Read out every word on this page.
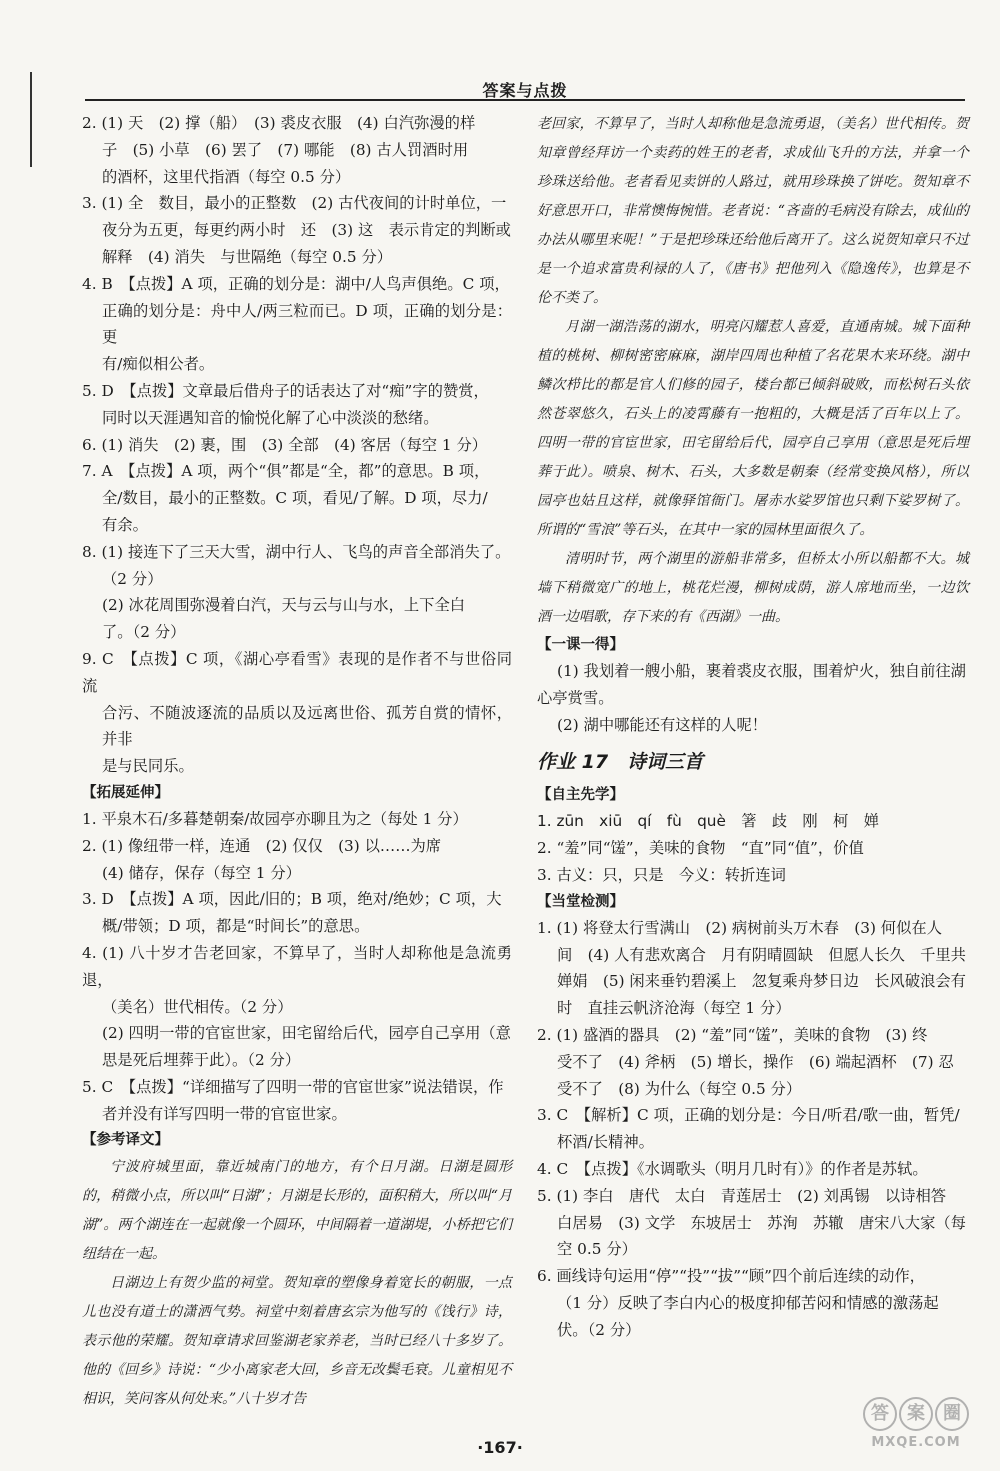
答案与点拨

2. (1) 天　(2) 撑（船）　(3) 裘皮衣服　(4) 白汽弥漫的样

子　(5) 小草　(6) 罢了　(7) 哪能　(8) 古人罚酒时用

的酒杯，这里代指酒（每空 0.5 分）

3. (1) 全　数目，最小的正整数　(2) 古代夜间的计时单位，一

夜分为五更，每更约两小时　还　(3) 这　表示肯定的判断或

解释　(4) 消失　与世隔绝（每空 0.5 分）

4. B　【点拨】A 项，正确的划分是：湖中/人鸟声俱绝。C 项，

正确的划分是：舟中人/两三粒而已。D 项，正确的划分是：更

有/痴似相公者。

5. D　【点拨】文章最后借舟子的话表达了对“痴”字的赞赏，

同时以天涯遇知音的愉悦化解了心中淡淡的愁绪。

6. (1) 消失　(2) 裹，围　(3) 全部　(4) 客居（每空 1 分）

7. A　【点拨】A 项，两个“俱”都是“全，都”的意思。B 项，

全/数目，最小的正整数。C 项，看见/了解。D 项，尽力/

有余。

8. (1) 接连下了三天大雪，湖中行人、飞鸟的声音全部消失了。

（2 分）

(2) 冰花周围弥漫着白汽，天与云与山与水，上下全白

了。（2 分）

9. C　【点拨】C 项，《湖心亭看雪》表现的是作者不与世俗同流

合污、不随波逐流的品质以及远离世俗、孤芳自赏的情怀，并非

是与民同乐。

【拓展延伸】

1. 平泉木石/多暮楚朝秦/故园亭亦聊且为之（每处 1 分）

2. (1) 像纽带一样，连通　(2) 仅仅　(3) 以……为席

(4) 储存，保存（每空 1 分）

3. D　【点拨】A 项，因此/旧的；B 项，绝对/绝妙；C 项，大

概/带领；D 项，都是“时间长”的意思。

4. (1) 八十岁才告老回家，不算早了，当时人却称他是急流勇退，

（美名）世代相传。（2 分）

(2) 四明一带的官宦世家，田宅留给后代，园亭自己享用（意

思是死后埋葬于此）。（2 分）

5. C　【点拨】“详细描写了四明一带的官宦世家”说法错误，作

者并没有详写四明一带的官宦世家。

【参考译文】

宁波府城里面，靠近城南门的地方，有个日月湖。日湖是圆形的，稍微小点，所以叫“日湖”；月湖是长形的，面积稍大，所以叫“月湖”。两个湖连在一起就像一个圆环，中间隔着一道湖堤，小桥把它们纽结在一起。

日湖边上有贺少监的祠堂。贺知章的塑像身着宽长的朝服，一点儿也没有道士的潇洒气势。祠堂中刻着唐玄宗为他写的《饯行》诗，表示他的荣耀。贺知章请求回鉴湖老家养老，当时已经八十多岁了。他的《回乡》诗说：“少小离家老大回，乡音无改鬓毛衰。儿童相见不相识，笑问客从何处来。”八十岁才告

老回家，不算早了，当时人却称他是急流勇退，（美名）世代相传。贺知章曾经拜访一个卖药的姓王的老者，求成仙飞升的方法，并拿一个珍珠送给他。老者看见卖饼的人路过，就用珍珠换了饼吃。贺知章不好意思开口，非常懊悔惋惜。老者说：“吝啬的毛病没有除去，成仙的办法从哪里来呢！”于是把珍珠还给他后离开了。这么说贺知章只不过是一个追求富贵利禄的人了，《唐书》把他列入《隐逸传》，也算是不伦不类了。

月湖一湖浩荡的湖水，明亮闪耀惹人喜爱，直通南城。城下面种植的桃树、柳树密密麻麻，湖岸四周也种植了名花果木来环绕。湖中鳞次栉比的都是官人们修的园子，楼台都已倾斜破败，而松树石头依然苍翠悠久，石头上的凌霄藤有一抱粗的，大概是活了百年以上了。四明一带的官宦世家，田宅留给后代，园亭自己享用（意思是死后埋葬于此）。喷泉、树木、石头，大多数是朝秦（经常变换风格），所以园亭也姑且这样，就像驿馆衙门。屠赤水娑罗馆也只剩下娑罗树了。所谓的“雪浪”等石头，在其中一家的园林里面很久了。

清明时节，两个湖里的游船非常多，但桥太小所以船都不大。城墙下稍微宽广的地上，桃花烂漫，柳树成荫，游人席地而坐，一边饮酒一边唱歌，存下来的有《西湖》一曲。

【一课一得】

(1) 我划着一艘小船，裹着裘皮衣服，围着炉火，独自前往湖

心亭赏雪。

(2) 湖中哪能还有这样的人呢！

作业 17　诗词三首

【自主先学】

1. zūn　xiū　qí　fù　què　箸　歧　刚　柯　婵

2. “羞”同“馐”，美味的食物　“直”同“值”，价值

3. 古义：只，只是　今义：转折连词

【当堂检测】

1. (1) 将登太行雪满山　(2) 病树前头万木春　(3) 何似在人

间　(4) 人有悲欢离合　月有阴晴圆缺　但愿人长久　千里共

婵娟　(5) 闲来垂钓碧溪上　忽复乘舟梦日边　长风破浪会有

时　直挂云帆济沧海（每空 1 分）

2. (1) 盛酒的器具　(2) “羞”同“馐”，美味的食物　(3) 终

受不了　(4) 斧柄　(5) 增长，操作　(6) 端起酒杯　(7) 忍

受不了　(8) 为什么（每空 0.5 分）

3. C　【解析】C 项，正确的划分是：今日/听君/歌一曲，暂凭/

杯酒/长精神。

4. C　【点拨】《水调歌头（明月几时有）》的作者是苏轼。

5. (1) 李白　唐代　太白　青莲居士　(2) 刘禹锡　以诗相答

白居易　(3) 文学　东坡居士　苏洵　苏辙　唐宋八大家（每

空 0.5 分）

6. 画线诗句运用“停”“投”“拔”“顾”四个前后连续的动作，

（1 分）反映了李白内心的极度抑郁苦闷和情感的激荡起

伏。（2 分）

·167·
答	案	圈
MXQE.COM
